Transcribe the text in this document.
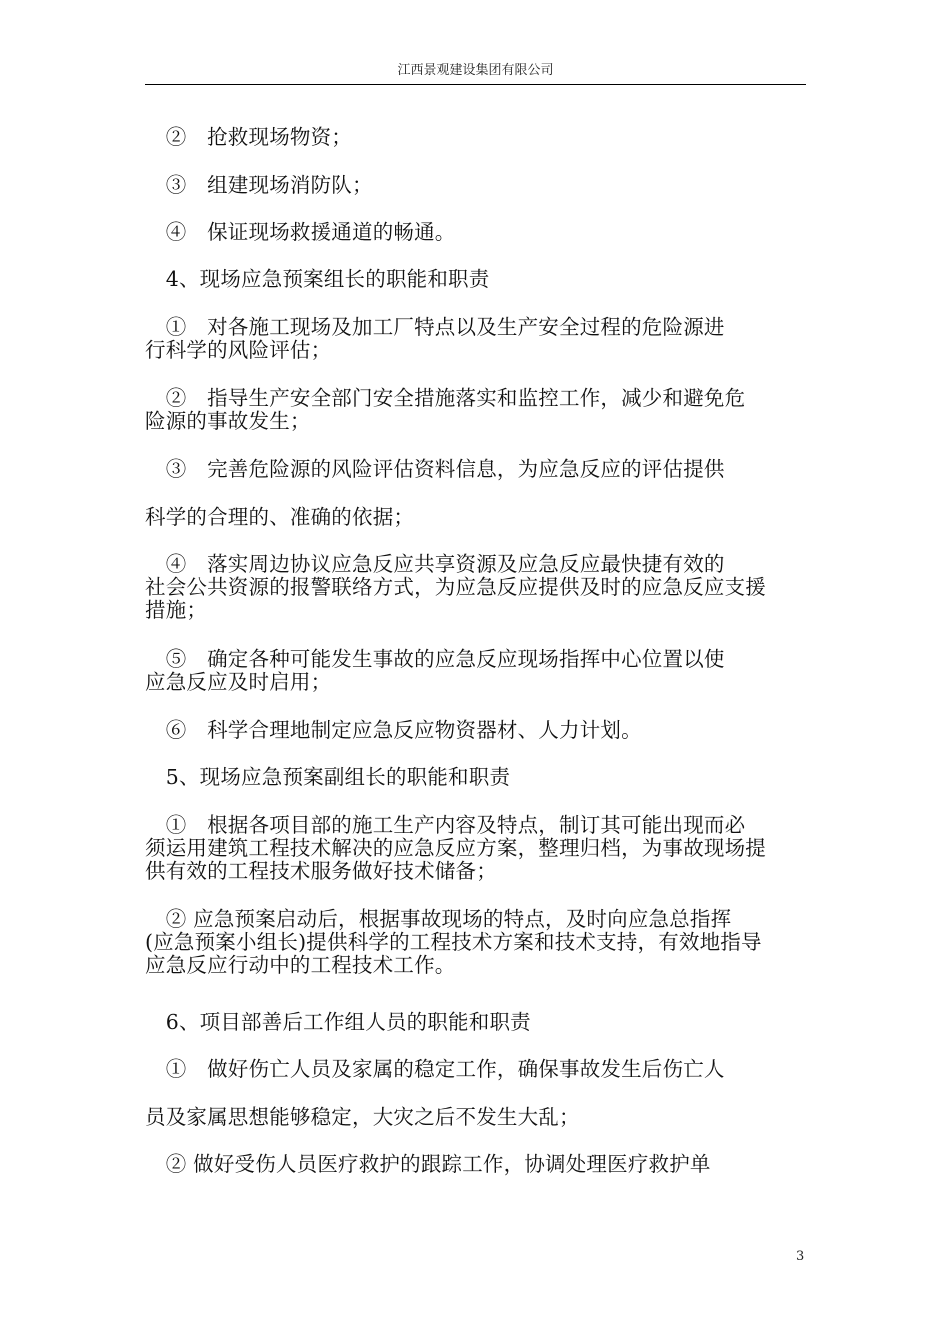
江西景观建设集团有限公司
　②　抢救现场物资；
　③　组建现场消防队；
　④　保证现场救援通道的畅通。
　4、现场应急预案组长的职能和职责
　①　对各施工现场及加工厂特点以及生产安全过程的危险源进
行科学的风险评估；
　②　指导生产安全部门安全措施落实和监控工作，减少和避免危
险源的事故发生；
　③　完善危险源的风险评估资料信息，为应急反应的评估提供
科学的合理的、准确的依据；
　④　落实周边协议应急反应共享资源及应急反应最快捷有效的
社会公共资源的报警联络方式，为应急反应提供及时的应急反应支援
措施；
　⑤　确定各种可能发生事故的应急反应现场指挥中心位置以使
应急反应及时启用；
　⑥　科学合理地制定应急反应物资器材、人力计划。
　5、现场应急预案副组长的职能和职责
　①　根据各项目部的施工生产内容及特点，制订其可能出现而必
须运用建筑工程技术解决的应急反应方案，整理归档，为事故现场提
供有效的工程技术服务做好技术储备；
　② 应急预案启动后，根据事故现场的特点，及时向应急总指挥
(应急预案小组长)提供科学的工程技术方案和技术支持，有效地指导
应急反应行动中的工程技术工作。
　6、项目部善后工作组人员的职能和职责
　①　做好伤亡人员及家属的稳定工作，确保事故发生后伤亡人
员及家属思想能够稳定，大灾之后不发生大乱；
　② 做好受伤人员医疗救护的跟踪工作，协调处理医疗救护单
3
